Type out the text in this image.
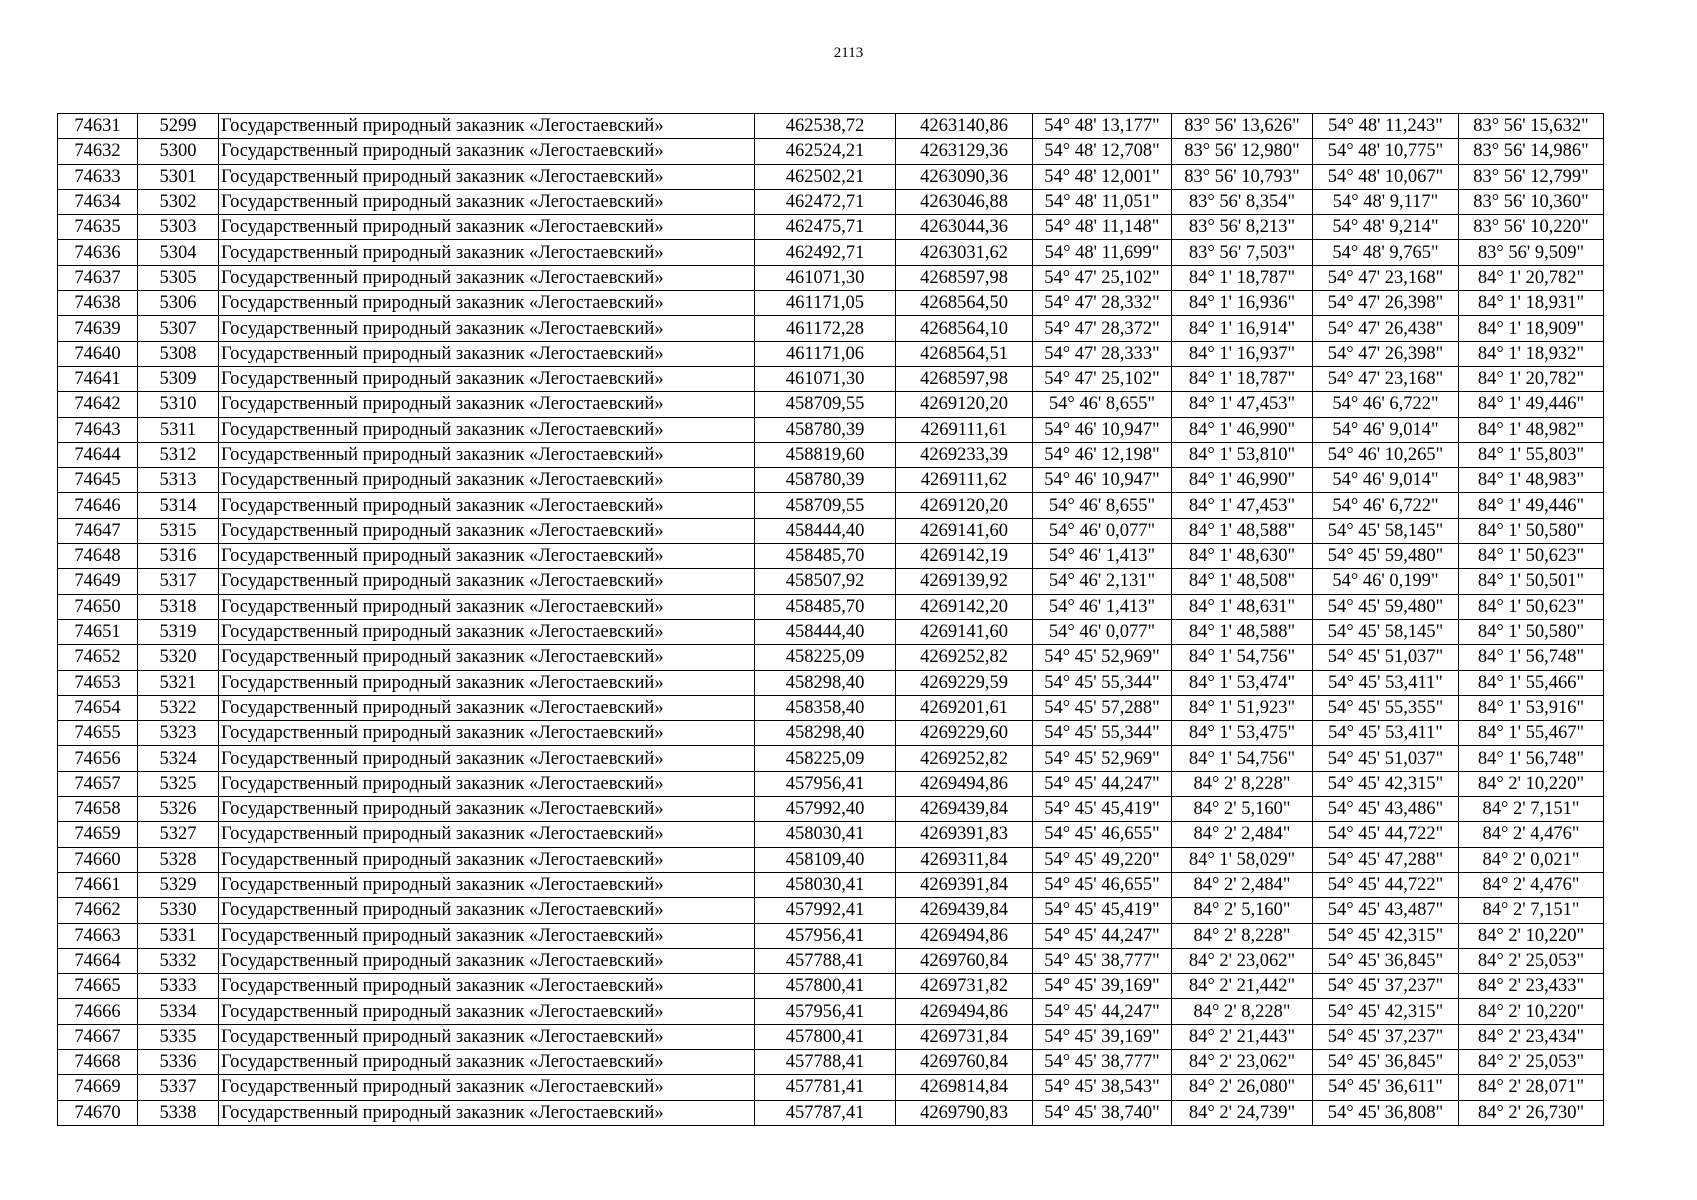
2113
74631	5299	Государственный природный заказник «Легостаевский»	462538,72	4263140,86	54° 48' 13,177"	83° 56' 13,626"	54° 48' 11,243"	83° 56' 15,632"
74632	5300	Государственный природный заказник «Легостаевский»	462524,21	4263129,36	54° 48' 12,708"	83° 56' 12,980"	54° 48' 10,775"	83° 56' 14,986"
74633	5301	Государственный природный заказник «Легостаевский»	462502,21	4263090,36	54° 48' 12,001"	83° 56' 10,793"	54° 48' 10,067"	83° 56' 12,799"
74634	5302	Государственный природный заказник «Легостаевский»	462472,71	4263046,88	54° 48' 11,051"	83° 56' 8,354"	54° 48' 9,117"	83° 56' 10,360"
74635	5303	Государственный природный заказник «Легостаевский»	462475,71	4263044,36	54° 48' 11,148"	83° 56' 8,213"	54° 48' 9,214"	83° 56' 10,220"
74636	5304	Государственный природный заказник «Легостаевский»	462492,71	4263031,62	54° 48' 11,699"	83° 56' 7,503"	54° 48' 9,765"	83° 56' 9,509"
74637	5305	Государственный природный заказник «Легостаевский»	461071,30	4268597,98	54° 47' 25,102"	84° 1' 18,787"	54° 47' 23,168"	84° 1' 20,782"
74638	5306	Государственный природный заказник «Легостаевский»	461171,05	4268564,50	54° 47' 28,332"	84° 1' 16,936"	54° 47' 26,398"	84° 1' 18,931"
74639	5307	Государственный природный заказник «Легостаевский»	461172,28	4268564,10	54° 47' 28,372"	84° 1' 16,914"	54° 47' 26,438"	84° 1' 18,909"
74640	5308	Государственный природный заказник «Легостаевский»	461171,06	4268564,51	54° 47' 28,333"	84° 1' 16,937"	54° 47' 26,398"	84° 1' 18,932"
74641	5309	Государственный природный заказник «Легостаевский»	461071,30	4268597,98	54° 47' 25,102"	84° 1' 18,787"	54° 47' 23,168"	84° 1' 20,782"
74642	5310	Государственный природный заказник «Легостаевский»	458709,55	4269120,20	54° 46' 8,655"	84° 1' 47,453"	54° 46' 6,722"	84° 1' 49,446"
74643	5311	Государственный природный заказник «Легостаевский»	458780,39	4269111,61	54° 46' 10,947"	84° 1' 46,990"	54° 46' 9,014"	84° 1' 48,982"
74644	5312	Государственный природный заказник «Легостаевский»	458819,60	4269233,39	54° 46' 12,198"	84° 1' 53,810"	54° 46' 10,265"	84° 1' 55,803"
74645	5313	Государственный природный заказник «Легостаевский»	458780,39	4269111,62	54° 46' 10,947"	84° 1' 46,990"	54° 46' 9,014"	84° 1' 48,983"
74646	5314	Государственный природный заказник «Легостаевский»	458709,55	4269120,20	54° 46' 8,655"	84° 1' 47,453"	54° 46' 6,722"	84° 1' 49,446"
74647	5315	Государственный природный заказник «Легостаевский»	458444,40	4269141,60	54° 46' 0,077"	84° 1' 48,588"	54° 45' 58,145"	84° 1' 50,580"
74648	5316	Государственный природный заказник «Легостаевский»	458485,70	4269142,19	54° 46' 1,413"	84° 1' 48,630"	54° 45' 59,480"	84° 1' 50,623"
74649	5317	Государственный природный заказник «Легостаевский»	458507,92	4269139,92	54° 46' 2,131"	84° 1' 48,508"	54° 46' 0,199"	84° 1' 50,501"
74650	5318	Государственный природный заказник «Легостаевский»	458485,70	4269142,20	54° 46' 1,413"	84° 1' 48,631"	54° 45' 59,480"	84° 1' 50,623"
74651	5319	Государственный природный заказник «Легостаевский»	458444,40	4269141,60	54° 46' 0,077"	84° 1' 48,588"	54° 45' 58,145"	84° 1' 50,580"
74652	5320	Государственный природный заказник «Легостаевский»	458225,09	4269252,82	54° 45' 52,969"	84° 1' 54,756"	54° 45' 51,037"	84° 1' 56,748"
74653	5321	Государственный природный заказник «Легостаевский»	458298,40	4269229,59	54° 45' 55,344"	84° 1' 53,474"	54° 45' 53,411"	84° 1' 55,466"
74654	5322	Государственный природный заказник «Легостаевский»	458358,40	4269201,61	54° 45' 57,288"	84° 1' 51,923"	54° 45' 55,355"	84° 1' 53,916"
74655	5323	Государственный природный заказник «Легостаевский»	458298,40	4269229,60	54° 45' 55,344"	84° 1' 53,475"	54° 45' 53,411"	84° 1' 55,467"
74656	5324	Государственный природный заказник «Легостаевский»	458225,09	4269252,82	54° 45' 52,969"	84° 1' 54,756"	54° 45' 51,037"	84° 1' 56,748"
74657	5325	Государственный природный заказник «Легостаевский»	457956,41	4269494,86	54° 45' 44,247"	84° 2' 8,228"	54° 45' 42,315"	84° 2' 10,220"
74658	5326	Государственный природный заказник «Легостаевский»	457992,40	4269439,84	54° 45' 45,419"	84° 2' 5,160"	54° 45' 43,486"	84° 2' 7,151"
74659	5327	Государственный природный заказник «Легостаевский»	458030,41	4269391,83	54° 45' 46,655"	84° 2' 2,484"	54° 45' 44,722"	84° 2' 4,476"
74660	5328	Государственный природный заказник «Легостаевский»	458109,40	4269311,84	54° 45' 49,220"	84° 1' 58,029"	54° 45' 47,288"	84° 2' 0,021"
74661	5329	Государственный природный заказник «Легостаевский»	458030,41	4269391,84	54° 45' 46,655"	84° 2' 2,484"	54° 45' 44,722"	84° 2' 4,476"
74662	5330	Государственный природный заказник «Легостаевский»	457992,41	4269439,84	54° 45' 45,419"	84° 2' 5,160"	54° 45' 43,487"	84° 2' 7,151"
74663	5331	Государственный природный заказник «Легостаевский»	457956,41	4269494,86	54° 45' 44,247"	84° 2' 8,228"	54° 45' 42,315"	84° 2' 10,220"
74664	5332	Государственный природный заказник «Легостаевский»	457788,41	4269760,84	54° 45' 38,777"	84° 2' 23,062"	54° 45' 36,845"	84° 2' 25,053"
74665	5333	Государственный природный заказник «Легостаевский»	457800,41	4269731,82	54° 45' 39,169"	84° 2' 21,442"	54° 45' 37,237"	84° 2' 23,433"
74666	5334	Государственный природный заказник «Легостаевский»	457956,41	4269494,86	54° 45' 44,247"	84° 2' 8,228"	54° 45' 42,315"	84° 2' 10,220"
74667	5335	Государственный природный заказник «Легостаевский»	457800,41	4269731,84	54° 45' 39,169"	84° 2' 21,443"	54° 45' 37,237"	84° 2' 23,434"
74668	5336	Государственный природный заказник «Легостаевский»	457788,41	4269760,84	54° 45' 38,777"	84° 2' 23,062"	54° 45' 36,845"	84° 2' 25,053"
74669	5337	Государственный природный заказник «Легостаевский»	457781,41	4269814,84	54° 45' 38,543"	84° 2' 26,080"	54° 45' 36,611"	84° 2' 28,071"
74670	5338	Государственный природный заказник «Легостаевский»	457787,41	4269790,83	54° 45' 38,740"	84° 2' 24,739"	54° 45' 36,808"	84° 2' 26,730"
